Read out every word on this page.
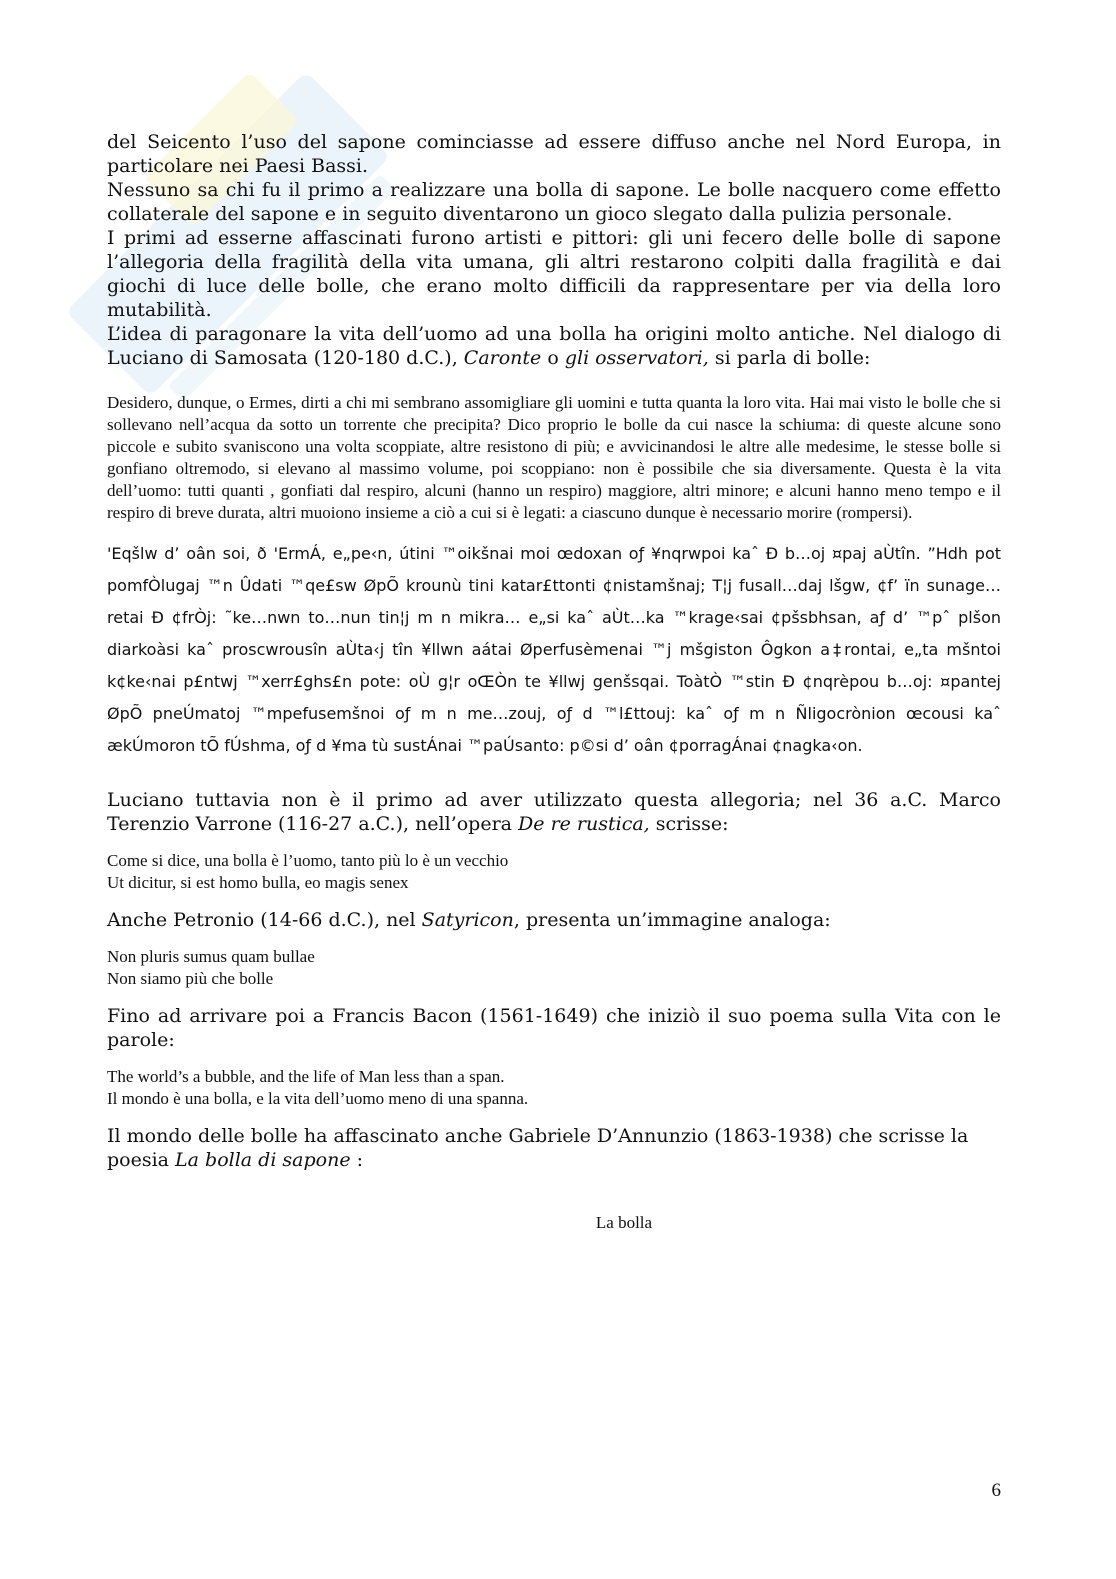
del Seicento l’uso del sapone cominciasse ad essere diffuso anche nel Nord Europa, in particolare nei Paesi Bassi.

Nessuno sa chi fu il primo a realizzare una bolla di sapone. Le bolle nacquero come effetto collaterale del sapone e in seguito diventarono un gioco slegato dalla pulizia personale.

I primi ad esserne affascinati furono artisti e pittori: gli uni fecero delle bolle di sapone l’allegoria della fragilità della vita umana, gli altri restarono colpiti dalla fragilità e dai giochi di luce delle bolle, che erano molto difficili da rappresentare per via della loro mutabilità.

L’idea di paragonare la vita dell’uomo ad una bolla ha origini molto antiche. Nel dialogo di Luciano di Samosata (120-180 d.C.), Caronte o gli osservatori, si parla di bolle:

Desidero, dunque, o Ermes, dirti a chi mi sembrano assomigliare gli uomini e tutta quanta la loro vita. Hai mai visto le bolle che si sollevano nell’acqua da sotto un torrente che precipita? Dico proprio le bolle da cui nasce la schiuma: di queste alcune sono piccole e subito svaniscono una volta scoppiate, altre resistono di più; e avvicinandosi le altre alle medesime, le stesse bolle si gonfiano oltremodo, si elevano al massimo volume, poi scoppiano: non è possibile che sia diversamente. Questa è la vita dell’uomo: tutti quanti , gonfiati dal respiro, alcuni (hanno un respiro) maggiore, altri minore; e alcuni hanno meno tempo e il respiro di breve durata, altri muoiono insieme a ciò a cui si è legati: a ciascuno dunque è necessario morire (rompersi).

'Eqšlw d’ oân soi, ð 'ErmÁ, e„pe‹n, útini ™oikšnai moi œdoxan oƒ ¥nqrwpoi kaˆ Ð b…oj ¤paj aÙtîn. ”Hdh pot pomfÒlugaj ™n Ûdati ™qe£sw ØpÕ krounù tini katar£ttonti ¢nistamšnaj; T¦j fusall…daj lšgw, ¢f’ ïn sunage…retai Ð ¢frÒj: ˜ke…nwn to…nun tin¦j m n mikra… e„si kaˆ aÙt…ka ™krage‹sai ¢pšsbhsan, aƒ d’ ™pˆ plšon diarkoàsi kaˆ proscwrousîn aÙta‹j tîn ¥llwn aátai Øperfusèmenai ™j mšgiston Ôgkon a‡rontai, e„ta mšntoi k¢ke‹nai p£ntwj ™xerr£ghs£n pote: oÙ g¦r oŒÒn te ¥llwj genšsqai. ToàtÒ ™stin Ð ¢nqrèpou b…oj: ¤pantej ØpÕ pneÚmatoj ™mpefusemšnoi oƒ m n me…zouj, oƒ d ™l£ttouj: kaˆ oƒ m n Ñligocrònion œcousi kaˆ ækÚmoron tÕ fÚshma, oƒ d ¥ma tù sustÁnai ™paÚsanto: p©si d’ oân ¢porragÁnai ¢nagka‹on.

Luciano tuttavia non è il primo ad aver utilizzato questa allegoria; nel 36 a.C. Marco Terenzio Varrone (116-27 a.C.), nell’opera De re rustica, scrisse:

Come si dice, una bolla è l’uomo, tanto più lo è un vecchio

Ut dicitur, si est homo bulla, eo magis senex

Anche Petronio (14-66 d.C.), nel Satyricon, presenta un’immagine analoga:

Non pluris sumus quam bullae

Non siamo più che bolle

Fino ad arrivare poi a Francis Bacon (1561-1649) che iniziò il suo poema sulla Vita con le parole:

The world’s a bubble, and the life of Man less than a span.

Il mondo è una bolla, e la vita dell’uomo meno di una spanna.

Il mondo delle bolle ha affascinato anche Gabriele D’Annunzio (1863-1938) che scrisse la poesia La bolla di sapone :

La bolla

6
